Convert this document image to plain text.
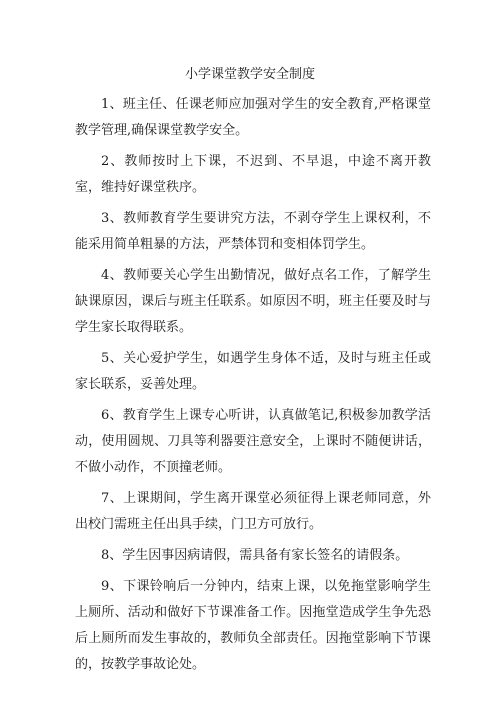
小学课堂教学安全制度

1、班主任、任课老师应加强对学生的安全教育,严格课堂教学管理,确保课堂教学安全。

2、教师按时上下课，不迟到、不早退，中途不离开教室，维持好课堂秩序。

3、教师教育学生要讲究方法，不剥夺学生上课权利，不能采用简单粗暴的方法，严禁体罚和变相体罚学生。

4、教师要关心学生出勤情况，做好点名工作，了解学生缺课原因，课后与班主任联系。如原因不明，班主任要及时与学生家长取得联系。

5、关心爱护学生，如遇学生身体不适，及时与班主任或家长联系，妥善处理。

6、教育学生上课专心听讲，认真做笔记,积极参加教学活动，使用圆规、刀具等利器要注意安全，上课时不随便讲话，不做小动作，不顶撞老师。

7、上课期间，学生离开课堂必须征得上课老师同意，外出校门需班主任出具手续，门卫方可放行。

8、学生因事因病请假，需具备有家长签名的请假条。

9、下课铃响后一分钟内，结束上课，以免拖堂影响学生上厕所、活动和做好下节课准备工作。因拖堂造成学生争先恐后上厕所而发生事故的，教师负全部责任。因拖堂影响下节课的，按教学事故论处。
